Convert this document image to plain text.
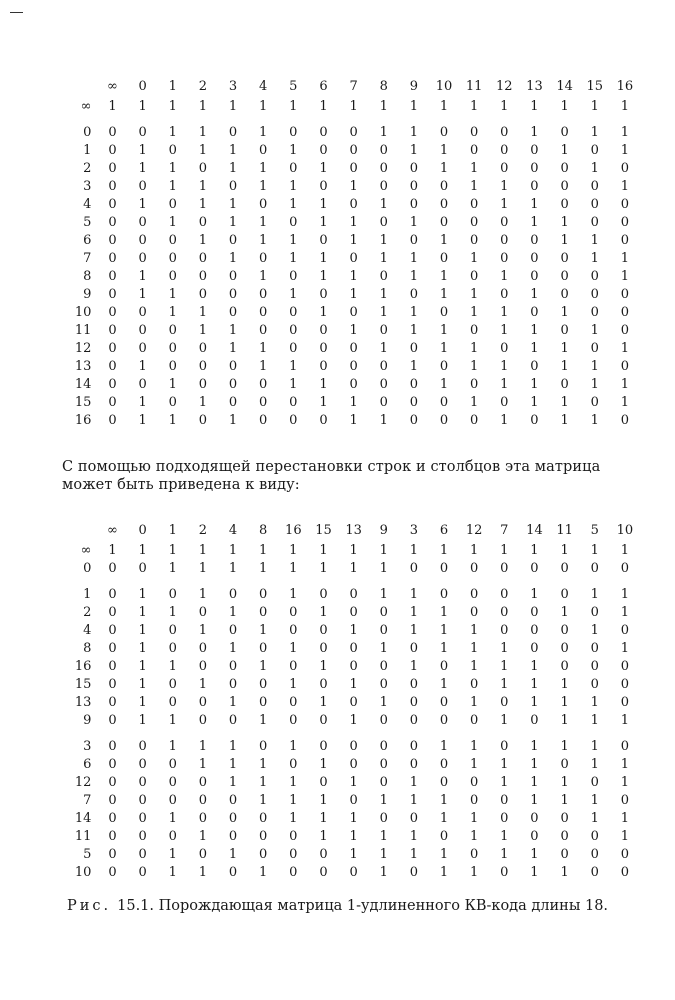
	∞	0	1	2	3	4	5	6	7	8	9	10	11	12	13	14	15	16
∞	1	1	1	1	1	1	1	1	1	1	1	1	1	1	1	1	1	1
0	0	0	1	1	0	1	0	0	0	1	1	0	0	0	1	0	1	1
1	0	1	0	1	1	0	1	0	0	0	1	1	0	0	0	1	0	1
2	0	1	1	0	1	1	0	1	0	0	0	1	1	0	0	0	1	0
3	0	0	1	1	0	1	1	0	1	0	0	0	1	1	0	0	0	1
4	0	1	0	1	1	0	1	1	0	1	0	0	0	1	1	0	0	0
5	0	0	1	0	1	1	0	1	1	0	1	0	0	0	1	1	0	0
6	0	0	0	1	0	1	1	0	1	1	0	1	0	0	0	1	1	0
7	0	0	0	0	1	0	1	1	0	1	1	0	1	0	0	0	1	1
8	0	1	0	0	0	1	0	1	1	0	1	1	0	1	0	0	0	1
9	0	1	1	0	0	0	1	0	1	1	0	1	1	0	1	0	0	0
10	0	0	1	1	0	0	0	1	0	1	1	0	1	1	0	1	0	0
11	0	0	0	1	1	0	0	0	1	0	1	1	0	1	1	0	1	0
12	0	0	0	0	1	1	0	0	0	1	0	1	1	0	1	1	0	1
13	0	1	0	0	0	1	1	0	0	0	1	0	1	1	0	1	1	0
14	0	0	1	0	0	0	1	1	0	0	0	1	0	1	1	0	1	1
15	0	1	0	1	0	0	0	1	1	0	0	0	1	0	1	1	0	1
16	0	1	1	0	1	0	0	0	1	1	0	0	0	1	0	1	1	0
С помощью подходящей перестановки строк и столбцов эта матрица может быть приведена к виду:
	∞	0	1	2	4	8	16	15	13	9	3	6	12	7	14	11	5	10
∞	1	1	1	1	1	1	1	1	1	1	1	1	1	1	1	1	1	1
0	0	0	1	1	1	1	1	1	1	1	0	0	0	0	0	0	0	0
1	0	1	0	1	0	0	1	0	0	1	1	0	0	0	1	0	1	1
2	0	1	1	0	1	0	0	1	0	0	1	1	0	0	0	1	0	1
4	0	1	0	1	0	1	0	0	1	0	1	1	1	0	0	0	1	0
8	0	1	0	0	1	0	1	0	0	1	0	1	1	1	0	0	0	1
16	0	1	1	0	0	1	0	1	0	0	1	0	1	1	1	0	0	0
15	0	1	0	1	0	0	1	0	1	0	0	1	0	1	1	1	0	0
13	0	1	0	0	1	0	0	1	0	1	0	0	1	0	1	1	1	0
9	0	1	1	0	0	1	0	0	1	0	0	0	0	1	0	1	1	1
3	0	0	1	1	1	0	1	0	0	0	0	1	1	0	1	1	1	0
6	0	0	0	1	1	1	0	1	0	0	0	0	1	1	1	0	1	1
12	0	0	0	0	1	1	1	0	1	0	1	0	0	1	1	1	0	1
7	0	0	0	0	0	1	1	1	0	1	1	1	0	0	1	1	1	0
14	0	0	1	0	0	0	1	1	1	0	0	1	1	0	0	0	1	1
11	0	0	0	1	0	0	0	1	1	1	1	0	1	1	0	0	0	1
5	0	0	1	0	1	0	0	0	1	1	1	1	0	1	1	0	0	0
10	0	0	1	1	0	1	0	0	0	1	0	1	1	0	1	1	0	0
Рис. 15.1. Порождающая матрица 1-удлиненного КВ-кода длины 18.
